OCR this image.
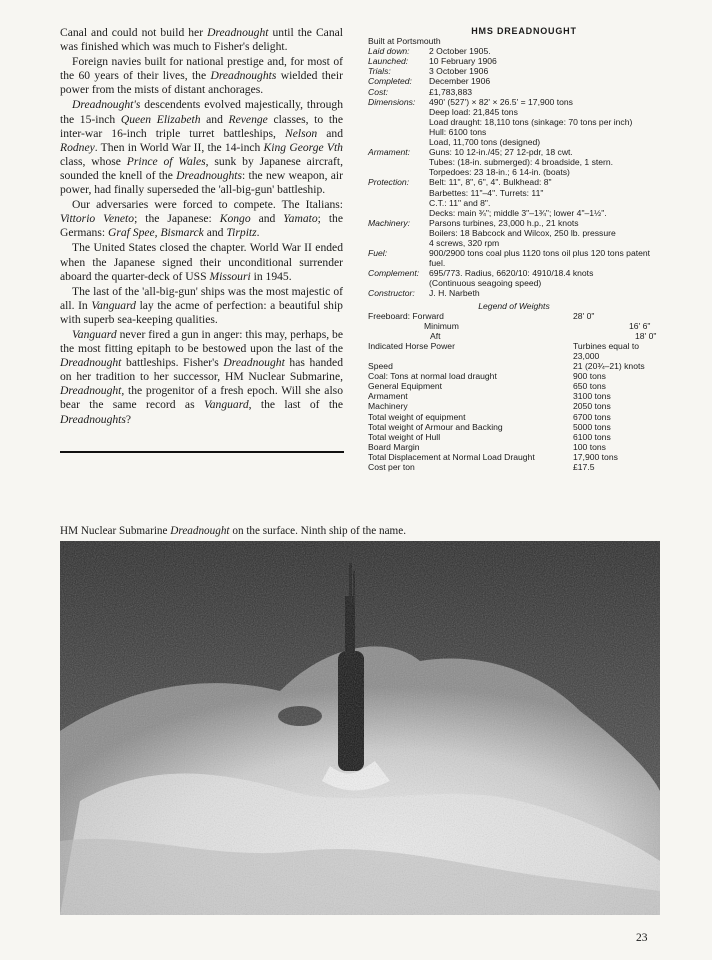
Canal and could not build her Dreadnought until the Canal was finished which was much to Fisher's delight.

Foreign navies built for national prestige and, for most of the 60 years of their lives, the Dreadnoughts wielded their power from the mists of distant anchorages.

Dreadnought's descendents evolved majestically, through the 15-inch Queen Elizabeth and Revenge classes, to the inter-war 16-inch triple turret battleships, Nelson and Rodney. Then in World War II, the 14-inch King George Vth class, whose Prince of Wales, sunk by Japanese aircraft, sounded the knell of the Dreadnoughts: the new weapon, air power, had finally superseded the 'all-big-gun' battleship.

Our adversaries were forced to compete. The Italians: Vittorio Veneto; the Japanese: Kongo and Yamato; the Germans: Graf Spee, Bismarck and Tirpitz.

The United States closed the chapter. World War II ended when the Japanese signed their unconditional surrender aboard the quarter-deck of USS Missouri in 1945.

The last of the 'all-big-gun' ships was the most majestic of all. In Vanguard lay the acme of perfection: a beautiful ship with superb sea-keeping qualities.

Vanguard never fired a gun in anger: this may, perhaps, be the most fitting epitaph to be bestowed upon the last of the Dreadnought battleships. Fisher's Dreadnought has handed on her tradition to her successor, HM Nuclear Submarine, Dreadnought, the progenitor of a fresh epoch. Will she also bear the same record as Vanguard, the last of the Dreadnoughts?

HMS DREADNOUGHT
Built at Portsmouth
Laid down:	2 October 1905.
Launched:	10 February 1906
Trials:	3 October 1906
Completed:	December 1906
Cost:	£1,783,883
Dimensions:	490' (527') × 82' × 26.5' = 17,900 tons
Deep load: 21,845 tons
Load draught: 18,110 tons (sinkage: 70 tons per inch)
Hull: 6100 tons
Load, 11,700 tons (designed)
Armament:	Guns: 10 12-in./45; 27 12-pdr, 18 cwt.
Tubes: (18-in. submerged): 4 broadside, 1 stern.
Torpedoes: 23 18-in.; 6 14-in. (boats)
Protection:	Belt: 11", 8", 6", 4". Bulkhead: 8"
Barbettes: 11"–4". Turrets: 11"
C.T.: 11" and 8".
Decks: main ¾"; middle 3"–1¾"; lower 4"–1½".
Machinery:	Parsons turbines, 23,000 h.p., 21 knots
Boilers: 18 Babcock and Wilcox, 250 lb. pressure
4 screws, 320 rpm
Fuel:	900/2900 tons coal plus 1120 tons oil plus 120 tons patent fuel.
Complement:	695/773. Radius, 6620/10: 4910/18.4 knots
(Continuous seagoing speed)
Constructor:	J. H. Narbeth
Legend of Weights
Freeboard: Forward	28' 0"
Minimum	16' 6"
Aft	18' 0"
Indicated Horse Power	Turbines equal to
23,000
Speed	21 (20¾–21) knots
Coal: Tons at normal load draught	900 tons
General Equipment	650 tons
Armament	3100 tons
Machinery	2050 tons
Total weight of equipment	6700 tons
Total weight of Armour and Backing	5000 tons
Total weight of Hull	6100 tons
Board Margin	100 tons
Total Displacement at Normal Load Draught	17,900 tons
Cost per ton	£17.5
HM Nuclear Submarine Dreadnought on the surface. Ninth ship of the name.
23
